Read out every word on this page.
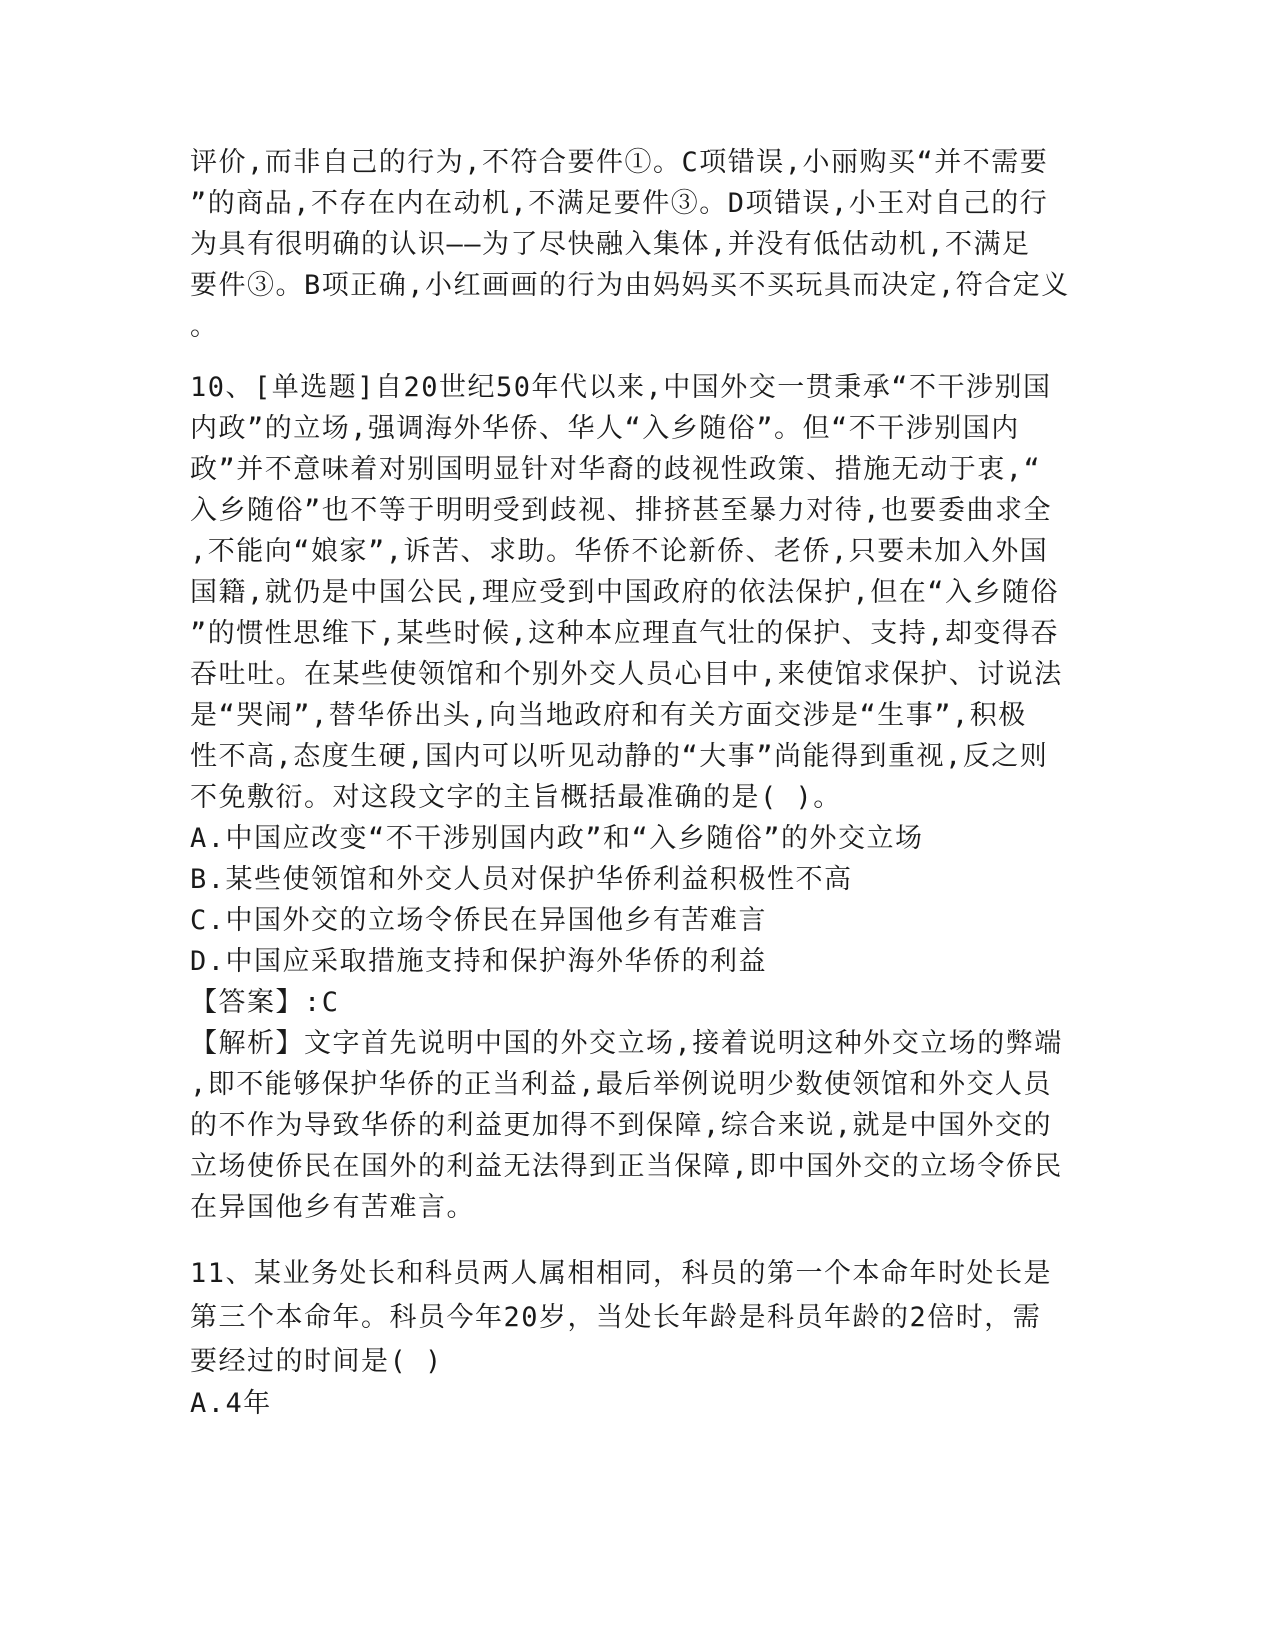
评价,而非自己的行为,不符合要件①。C项错误,小丽购买“并不需要
”的商品,不存在内在动机,不满足要件③。D项错误,小王对自己的行
为具有很明确的认识——为了尽快融入集体,并没有低估动机,不满足
要件③。B项正确,小红画画的行为由妈妈买不买玩具而决定,符合定义
。
10、[单选题]自20世纪50年代以来,中国外交一贯秉承“不干涉别国
内政”的立场,强调海外华侨、华人“入乡随俗”。但“不干涉别国内
政”并不意味着对别国明显针对华裔的歧视性政策、措施无动于衷,“
入乡随俗”也不等于明明受到歧视、排挤甚至暴力对待,也要委曲求全
,不能向“娘家”,诉苦、求助。华侨不论新侨、老侨,只要未加入外国
国籍,就仍是中国公民,理应受到中国政府的依法保护,但在“入乡随俗
”的惯性思维下,某些时候,这种本应理直气壮的保护、支持,却变得吞
吞吐吐。在某些使领馆和个别外交人员心目中,来使馆求保护、讨说法
是“哭闹”,替华侨出头,向当地政府和有关方面交涉是“生事”,积极
性不高,态度生硬,国内可以听见动静的“大事”尚能得到重视,反之则
不免敷衍。对这段文字的主旨概括最准确的是( )。
A.中国应改变“不干涉别国内政”和“入乡随俗”的外交立场
B.某些使领馆和外交人员对保护华侨利益积极性不高
C.中国外交的立场令侨民在异国他乡有苦难言
D.中国应采取措施支持和保护海外华侨的利益
【答案】:C
【解析】文字首先说明中国的外交立场,接着说明这种外交立场的弊端
,即不能够保护华侨的正当利益,最后举例说明少数使领馆和外交人员
的不作为导致华侨的利益更加得不到保障,综合来说,就是中国外交的
立场使侨民在国外的利益无法得到正当保障,即中国外交的立场令侨民
在异国他乡有苦难言。
11、某业务处长和科员两人属相相同，科员的第一个本命年时处长是
第三个本命年。科员今年20岁，当处长年龄是科员年龄的2倍时，需
要经过的时间是( )
A.4年
